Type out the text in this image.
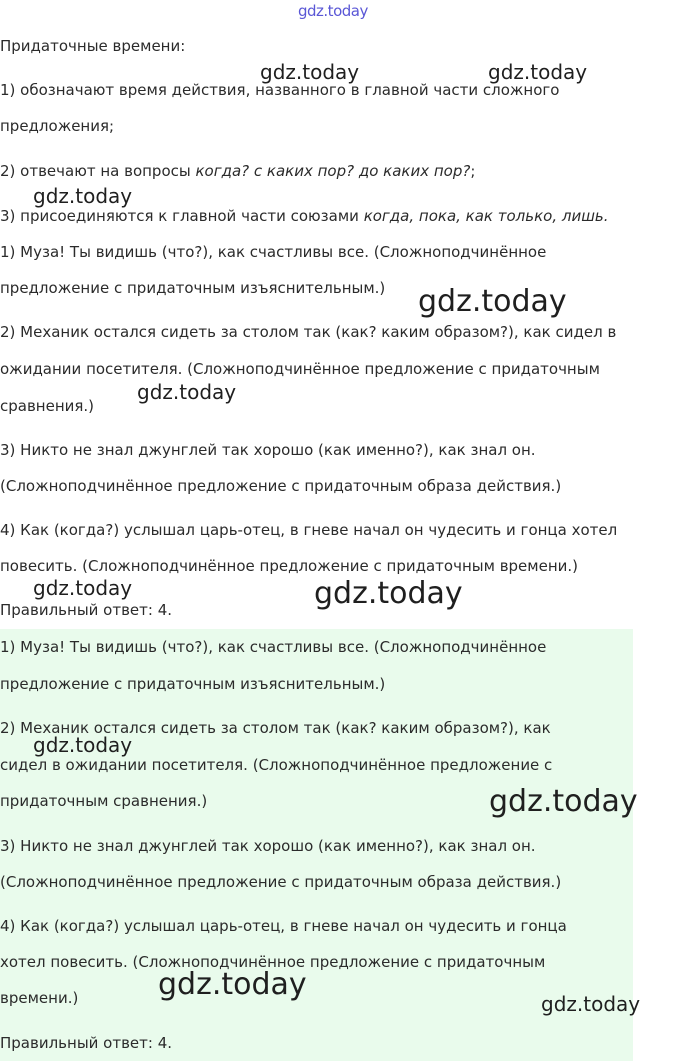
gdz.today
Придаточные времени:
1) обозначают время действия, названного в главной части сложного
предложения;
2) отвечают на вопросы когда? с каких пор? до каких пор?;
3) присоединяются к главной части союзами когда, пока, как только, лишь.
1) Муза! Ты видишь (что?), как счастливы все. (Сложноподчинённое
предложение с придаточным изъяснительным.)
2) Механик остался сидеть за столом так (как? каким образом?), как сидел в
ожидании посетителя. (Сложноподчинённое предложение с придаточным
сравнения.)
3) Никто не знал джунглей так хорошо (как именно?), как знал он.
(Сложноподчинённое предложение с придаточным образа действия.)
4) Как (когда?) услышал царь-отец, в гневе начал он чудесить и гонца хотел
повесить. (Сложноподчинённое предложение с придаточным времени.)
Правильный ответ: 4.
1) Муза! Ты видишь (что?), как счастливы все. (Сложноподчинённое
предложение с придаточным изъяснительным.)
2) Механик остался сидеть за столом так (как? каким образом?), как
сидел в ожидании посетителя. (Сложноподчинённое предложение с
придаточным сравнения.)
3) Никто не знал джунглей так хорошо (как именно?), как знал он.
(Сложноподчинённое предложение с придаточным образа действия.)
4) Как (когда?) услышал царь-отец, в гневе начал он чудесить и гонца
хотел повесить. (Сложноподчинённое предложение с придаточным
времени.)
Правильный ответ: 4.
gdz.today	gdz.today
gdz.today
gdz.today
gdz.today
gdz.today	gdz.today
gdz.today
gdz.today
gdz.today
gdz.today
